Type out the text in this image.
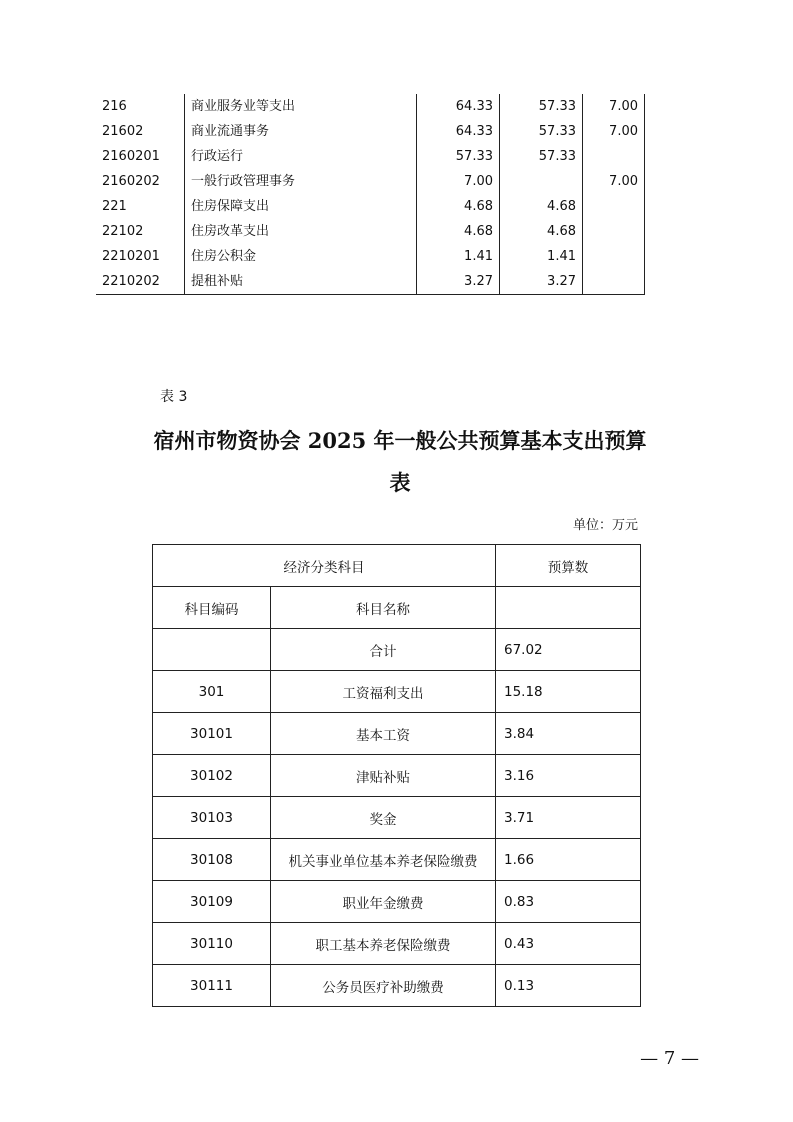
216	商业服务业等支出	64.33	57.33	7.00
21602	商业流通事务	64.33	57.33	7.00
2160201	行政运行	57.33	57.33	
2160202	一般行政管理事务	7.00		7.00
221	住房保障支出	4.68	4.68	
22102	住房改革支出	4.68	4.68	
2210201	住房公积金	1.41	1.41	
2210202	提租补贴	3.27	3.27	
表 3
宿州市物资协会 2025 年一般公共预算基本支出预算
表
单位：万元
经济分类科目		预算数
科目编码	科目名称	
	合计	67.02
301	工资福利支出	15.18
30101	基本工资	3.84
30102	津贴补贴	3.16
30103	奖金	3.71
30108	机关事业单位基本养老保险缴费	1.66
30109	职业年金缴费	0.83
30110	职工基本养老保险缴费	0.43
30111	公务员医疗补助缴费	0.13
— 7 —
